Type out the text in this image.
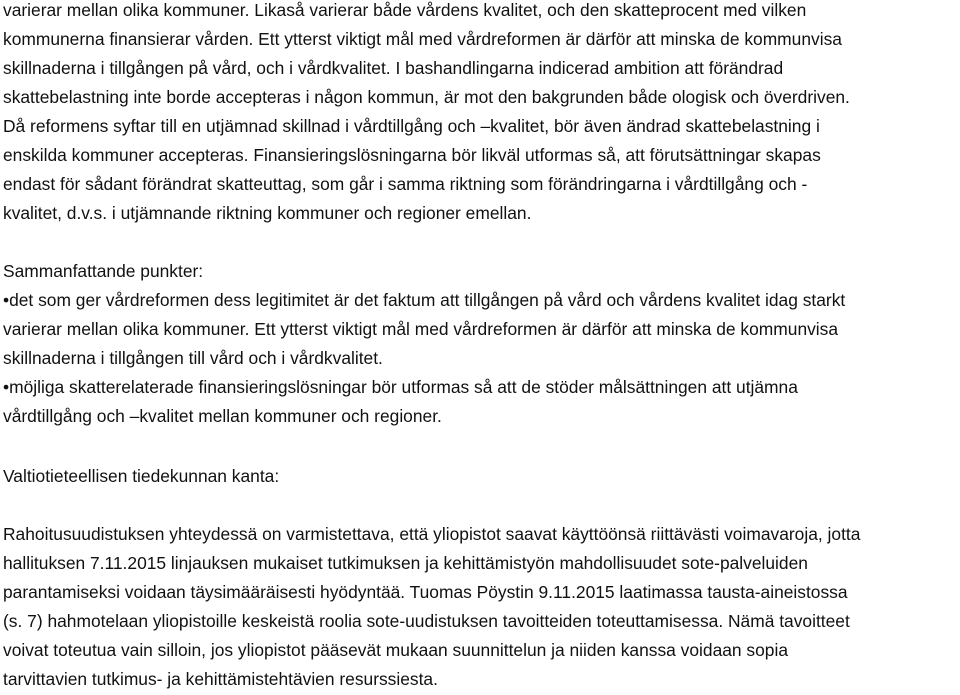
varierar mellan olika kommuner. Likaså varierar både vårdens kvalitet, och den skatteprocent med vilken
kommunerna finansierar vården. Ett ytterst viktigt mål med vårdreformen är därför att minska de kommunvisa
skillnaderna i tillgången på vård, och i vårdkvalitet. I bashandlingarna indicerad ambition att förändrad
skattebelastning inte borde accepteras i någon kommun, är mot den bakgrunden både ologisk och överdriven.
Då reformens syftar till en utjämnad skillnad i vårdtillgång och –kvalitet, bör även ändrad skattebelastning i
enskilda kommuner accepteras. Finansieringslösningarna bör likväl utformas så, att förutsättningar skapas
endast för sådant förändrat skatteuttag, som går i samma riktning som förändringarna i vårdtillgång och -
kvalitet, d.v.s. i utjämnande riktning kommuner och regioner emellan.
Sammanfattande punkter:
•det som ger vårdreformen dess legitimitet är det faktum att tillgången på vård och vårdens kvalitet idag starkt
varierar mellan olika kommuner. Ett ytterst viktigt mål med vårdreformen är därför att minska de kommunvisa
skillnaderna i tillgången till vård och i vårdkvalitet.
•möjliga skatterelaterade finansieringslösningar bör utformas så att de stöder målsättningen att utjämna
vårdtillgång och –kvalitet mellan kommuner och regioner.
Valtiotieteellisen tiedekunnan kanta:
Rahoitusuudistuksen yhteydessä on varmistettava, että yliopistot saavat käyttöönsä riittävästi voimavaroja, jotta
hallituksen 7.11.2015 linjauksen mukaiset tutkimuksen ja kehittämistyön mahdollisuudet sote-palveluiden
parantamiseksi voidaan täysimääräisesti hyödyntää. Tuomas Pöystin 9.11.2015 laatimassa tausta-aineistossa
(s. 7) hahmotelaan yliopistoille keskeistä roolia sote-uudistuksen tavoitteiden toteuttamisessa. Nämä tavoitteet
voivat toteutua vain silloin, jos yliopistot pääsevät mukaan suunnittelun ja niiden kanssa voidaan sopia
tarvittavien tutkimus- ja kehittämistehtävien resurssiesta.
